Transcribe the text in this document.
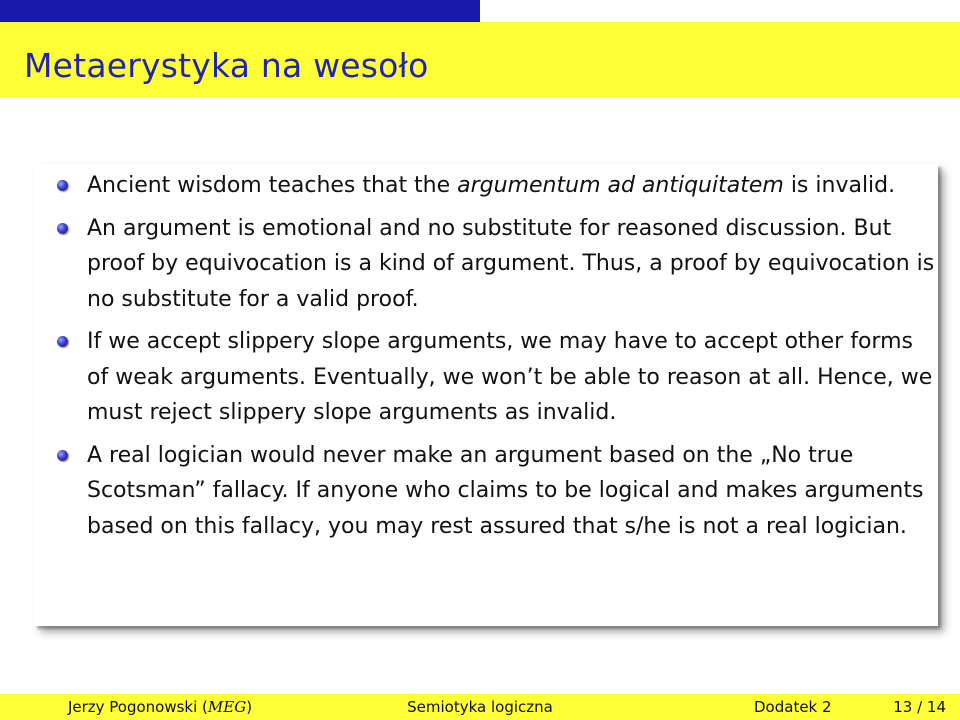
Metaerystyka na wesoło
Ancient wisdom teaches that the argumentum ad antiquitatem is invalid.
An argument is emotional and no substitute for reasoned discussion. But proof by equivocation is a kind of argument. Thus, a proof by equivocation is no substitute for a valid proof.
If we accept slippery slope arguments, we may have to accept other forms of weak arguments. Eventually, we won’t be able to reason at all. Hence, we must reject slippery slope arguments as invalid.
A real logician would never make an argument based on the „No true Scotsman” fallacy. If anyone who claims to be logical and makes arguments based on this fallacy, you may rest assured that s/he is not a real logician.
Jerzy Pogonowski (MEG)	Semiotyka logiczna	Dodatek 2	13 / 14
